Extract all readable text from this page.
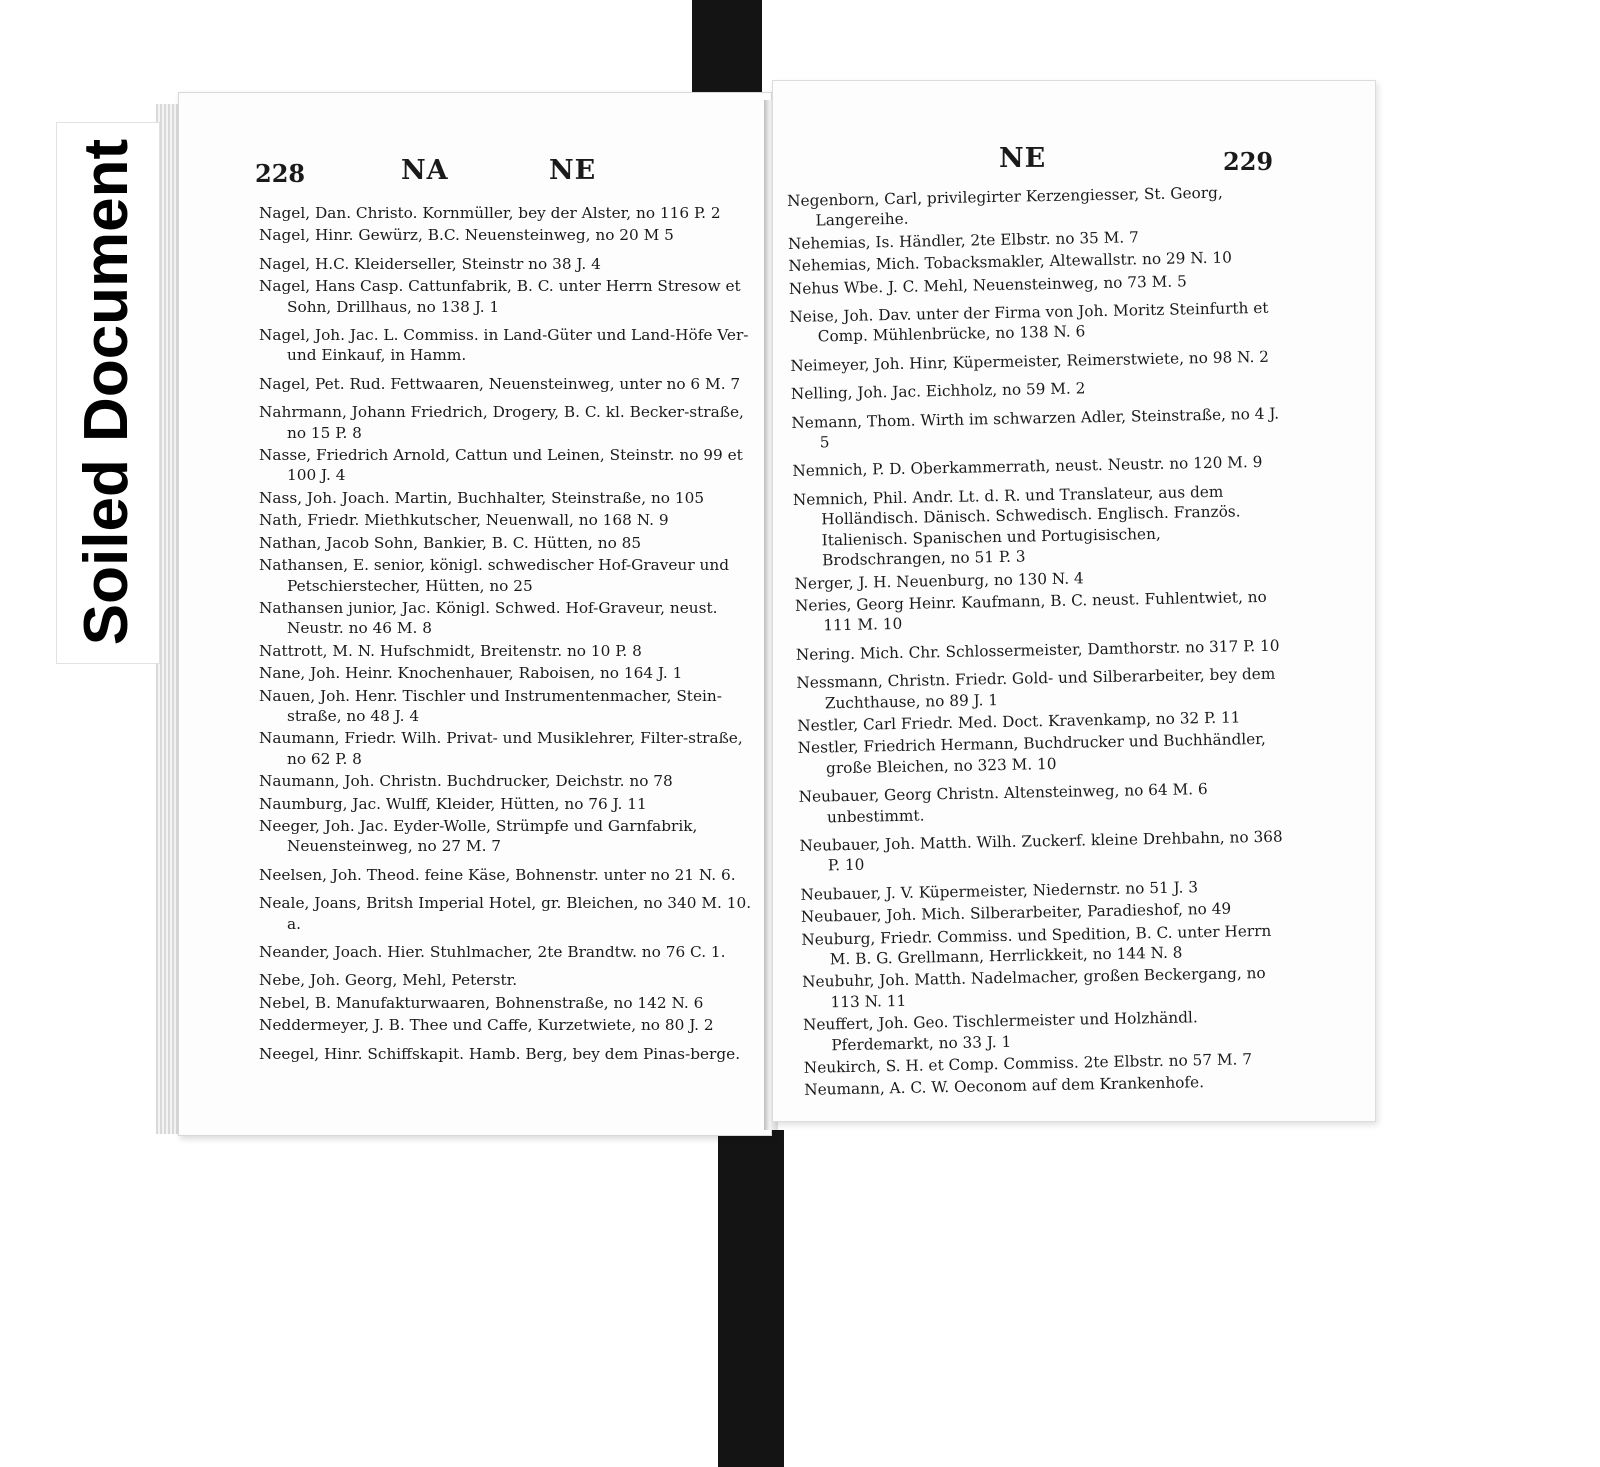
Soiled Document	228	NA	NE
Nagel, Dan. Christo. Kornmüller, bey der Alster, no 116 P. 2
Nagel, Hinr. Gewürz, B.C. Neuensteinweg, no 20 M 5
Nagel, H.C. Kleiderseller, Steinstr no 38 J. 4
Nagel, Hans Casp. Cattunfabrik, B. C. unter Herrn Stresow et Sohn, Drillhaus, no 138 J. 1
Nagel, Joh. Jac. L. Commiss. in Land-Güter und Land-Höfe Ver- und Einkauf, in Hamm.
Nagel, Pet. Rud. Fettwaaren, Neuensteinweg, unter no 6 M. 7
Nahrmann, Johann Friedrich, Drogery, B. C. kl. Becker-straße, no 15 P. 8
Nasse, Friedrich Arnold, Cattun und Leinen, Steinstr. no 99 et 100 J. 4
Nass, Joh. Joach. Martin, Buchhalter, Steinstraße, no 105
Nath, Friedr. Miethkutscher, Neuenwall, no 168 N. 9
Nathan, Jacob Sohn, Bankier, B. C. Hütten, no 85
Nathansen, E. senior, königl. schwedischer Hof-Graveur und Petschierstecher, Hütten, no 25
Nathansen junior, Jac. Königl. Schwed. Hof-Graveur, neust. Neustr. no 46 M. 8
Nattrott, M. N. Hufschmidt, Breitenstr. no 10 P. 8
Nane, Joh. Heinr. Knochenhauer, Raboisen, no 164 J. 1
Nauen, Joh. Henr. Tischler und Instrumentenmacher, Stein-straße, no 48 J. 4
Naumann, Friedr. Wilh. Privat- und Musiklehrer, Filter-straße, no 62 P. 8
Naumann, Joh. Christn. Buchdrucker, Deichstr. no 78
Naumburg, Jac. Wulff, Kleider, Hütten, no 76 J. 11
Neeger, Joh. Jac. Eyder-Wolle, Strümpfe und Garnfabrik, Neuensteinweg, no 27 M. 7
Neelsen, Joh. Theod. feine Käse, Bohnenstr. unter no 21 N. 6.
Neale, Joans, Britsh Imperial Hotel, gr. Bleichen, no 340 M. 10. a.
Neander, Joach. Hier. Stuhlmacher, 2te Brandtw. no 76 C. 1.
Nebe, Joh. Georg, Mehl, Peterstr.
Nebel, B. Manufakturwaaren, Bohnenstraße, no 142 N. 6
Neddermeyer, J. B. Thee und Caffe, Kurzetwiete, no 80 J. 2
Neegel, Hinr. Schiffskapit. Hamb. Berg, bey dem Pinas-berge.
NE	229
Negenborn, Carl, privilegirter Kerzengiesser, St. Georg, Langereihe.
Nehemias, Is. Händler, 2te Elbstr. no 35 M. 7
Nehemias, Mich. Tobacksmakler, Altewallstr. no 29 N. 10
Nehus Wbe. J. C. Mehl, Neuensteinweg, no 73 M. 5
Neise, Joh. Dav. unter der Firma von Joh. Moritz Steinfurth et Comp. Mühlenbrücke, no 138 N. 6
Neimeyer, Joh. Hinr, Küpermeister, Reimerstwiete, no 98 N. 2
Nelling, Joh. Jac. Eichholz, no 59 M. 2
Nemann, Thom. Wirth im schwarzen Adler, Steinstraße, no 4 J. 5
Nemnich, P. D. Oberkammerrath, neust. Neustr. no 120 M. 9
Nemnich, Phil. Andr. Lt. d. R. und Translateur, aus dem Holländisch. Dänisch. Schwedisch. Englisch. Französ. Italienisch. Spanischen und Portugisischen, Brodschrangen, no 51 P. 3
Nerger, J. H. Neuenburg, no 130 N. 4
Neries, Georg Heinr. Kaufmann, B. C. neust. Fuhlentwiet, no 111 M. 10
Nering. Mich. Chr. Schlossermeister, Damthorstr. no 317 P. 10
Nessmann, Christn. Friedr. Gold- und Silberarbeiter, bey dem Zuchthause, no 89 J. 1
Nestler, Carl Friedr. Med. Doct. Kravenkamp, no 32 P. 11
Nestler, Friedrich Hermann, Buchdrucker und Buchhändler, große Bleichen, no 323 M. 10
Neubauer, Georg Christn. Altensteinweg, no 64 M. 6 unbestimmt.
Neubauer, Joh. Matth. Wilh. Zuckerf. kleine Drehbahn, no 368 P. 10
Neubauer, J. V. Küpermeister, Niedernstr. no 51 J. 3
Neubauer, Joh. Mich. Silberarbeiter, Paradieshof, no 49
Neuburg, Friedr. Commiss. und Spedition, B. C. unter Herrn M. B. G. Grellmann, Herrlickkeit, no 144 N. 8
Neubuhr, Joh. Matth. Nadelmacher, großen Beckergang, no 113 N. 11
Neuffert, Joh. Geo. Tischlermeister und Holzhändl. Pferdemarkt, no 33 J. 1
Neukirch, S. H. et Comp. Commiss. 2te Elbstr. no 57 M. 7
Neumann, A. C. W. Oeconom auf dem Krankenhofe.
